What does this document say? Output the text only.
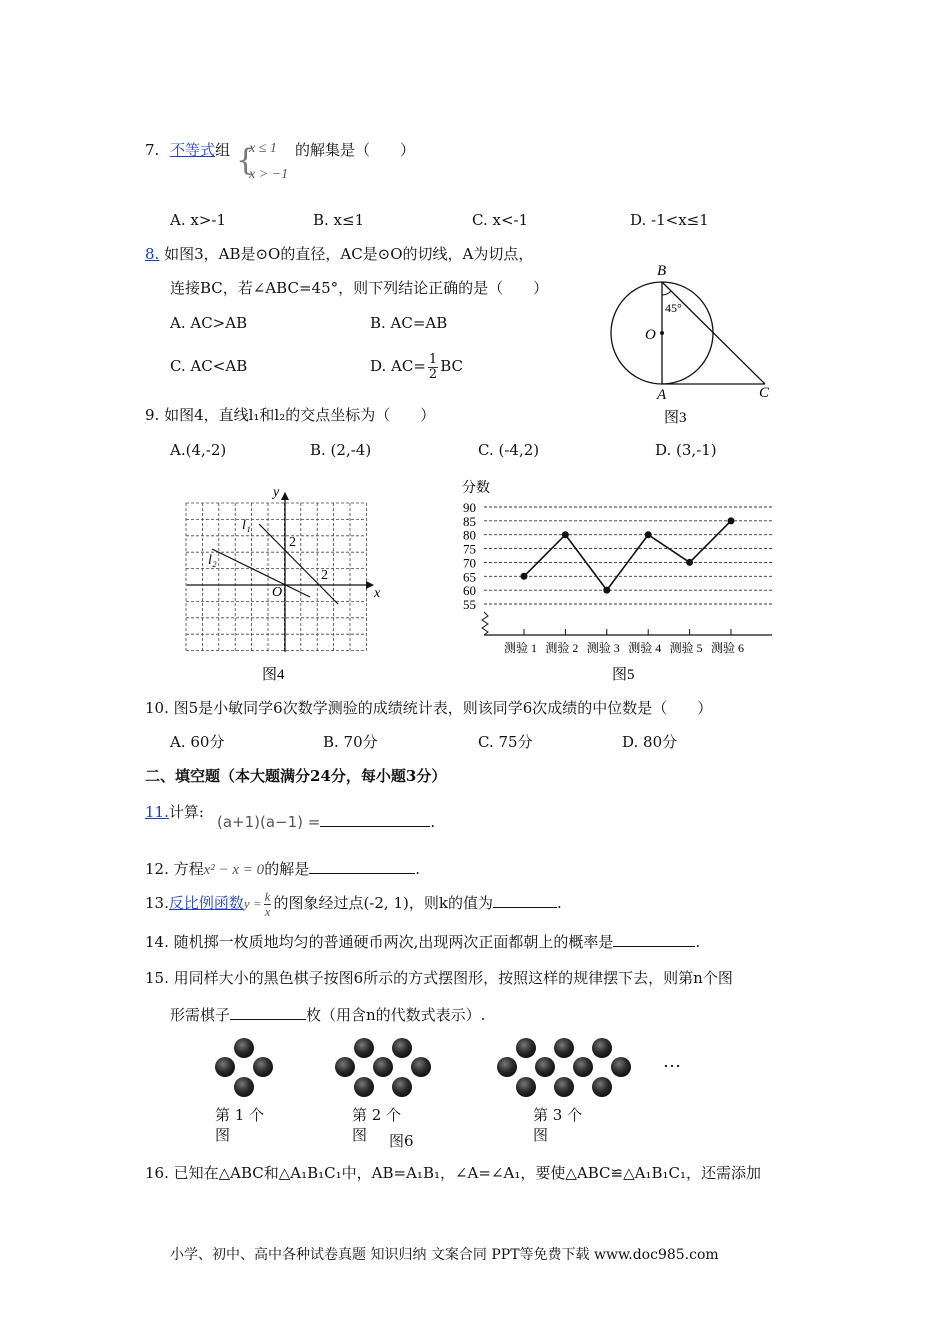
7. 不等式组 {
x ≤ 1
x > −1
的解集是（　　）
A. x>-1	B. x≤1	C. x<-1	D. -1<x≤1
8. 如图3，AB是⊙O的直径，AC是⊙O的切线，A为切点，
连接BC，若∠ABC=45°，则下列结论正确的是（　　）
A. AC>AB	B. AC=AB
C. AC<AB	D. $AC= \frac{1}{2}$ BC
B
O
A	C
45°
图3
9. 如图4，直线l₁和l₂的交点坐标为（　　）
A.(4,-2)	B. (2,-4)	C. (-4,2)	D. (3,-1)
y
x
O
l₁
l₂
2
2
图4
分数
90
85
80
75
70
65
60
55
测验 1 测验 2 测验 3 测验 4 测验 5 测验 6
图5
10. 图5是小敏同学6次数学测验的成绩统计表，则该同学6次成绩的中位数是（　　）
A. 60分	B. 70分	C. 75分	D. 80分
二、填空题（本大题满分24分，每小题3分）
11.计算:
(a+1)(a−1) =	.
12. 方程x² − x = 0的解是	.
13.反比例函数$y = \frac{k}{x}$ 的图象经过点(-2, 1)，则k的值为	.
14. 随机掷一枚质地均匀的普通硬币两次,出现两次正面都朝上的概率是	.
15. 用同样大小的黑色棋子按图6所示的方式摆图形，按照这样的规律摆下去，则第n个图
形需棋子	枚（用含n的代数式表示）.
…
第 1 个
图
第 2 个
图 图6
第 3 个
图
16. 已知在△ABC和△A₁B₁C₁中，AB=A₁B₁，∠A=∠A₁，要使△ABC≌△A₁B₁C₁，还需添加
小学、初中、高中各种试卷真题 知识归纳 文案合同 PPT等免费下载 www.doc985.com
